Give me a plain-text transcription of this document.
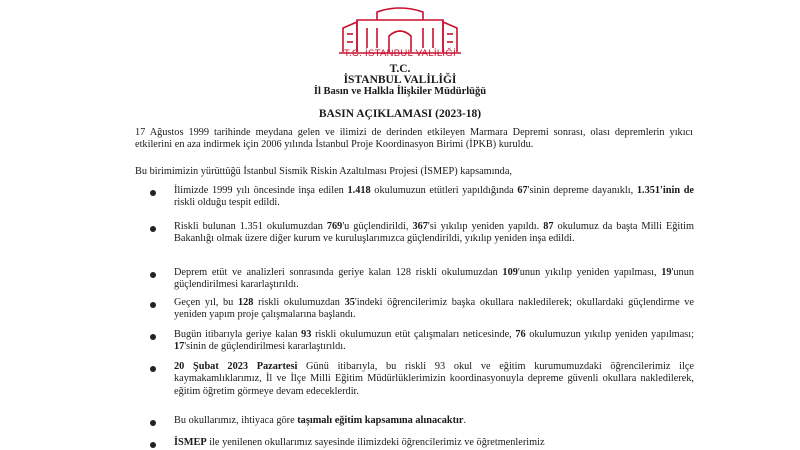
T.C. İSTANBUL VALİLİĞİ
T.C.
İSTANBUL VALİLİĞİ
İl Basın ve Halkla İlişkiler Müdürlüğü
BASIN AÇIKLAMASI (2023-18)

17 Ağustos 1999 tarihinde meydana gelen ve ilimizi de derinden etkileyen Marmara Depremi sonrası, olası depremlerin yıkıcı etkilerini en aza indirmek için 2006 yılında İstanbul Proje Koordinasyon Birimi (İPKB) kuruldu.

Bu birimimizin yürüttüğü İstanbul Sismik Riskin Azaltılması Projesi (İSMEP) kapsamında,

İlimizde 1999 yılı öncesinde inşa edilen 1.418 okulumuzun etütleri yapıldığında 67'sinin depreme dayanıklı, 1.351'inin de riskli olduğu tespit edildi.

Riskli bulunan 1.351 okulumuzdan 769'u güçlendirildi, 367'si yıkılıp yeniden yapıldı. 87 okulumuz da başta Milli Eğitim Bakanlığı olmak üzere diğer kurum ve kuruluşlarımızca güçlendirildi, yıkılıp yeniden inşa edildi.

Deprem etüt ve analizleri sonrasında geriye kalan 128 riskli okulumuzdan 109'unun yıkılıp yeniden yapılması, 19'unun güçlendirilmesi kararlaştırıldı.

Geçen yıl, bu 128 riskli okulumuzdan 35'indeki öğrencilerimiz başka okullara nakledilerek; okullardaki güçlendirme ve yeniden yapım proje çalışmalarına başlandı.

Bugün itibarıyla geriye kalan 93 riskli okulumuzun etüt çalışmaları neticesinde, 76 okulumuzun yıkılıp yeniden yapılması; 17'sinin de güçlendirilmesi kararlaştırıldı.

20 Şubat 2023 Pazartesi Günü itibarıyla, bu riskli 93 okul ve eğitim kurumumuzdaki öğrencilerimiz ilçe kaymakamlıklarımız, İl ve İlçe Milli Eğitim Müdürlüklerimizin koordinasyonuyla depreme güvenli okullara nakledilerek, eğitim öğretim görmeye devam edeceklerdir.

Bu okullarımız, ihtiyaca göre taşımalı eğitim kapsamına alınacaktır.

İSMEP ile yenilenen okullarımız sayesinde ilimizdeki öğrencilerimiz ve öğretmenlerimiz
